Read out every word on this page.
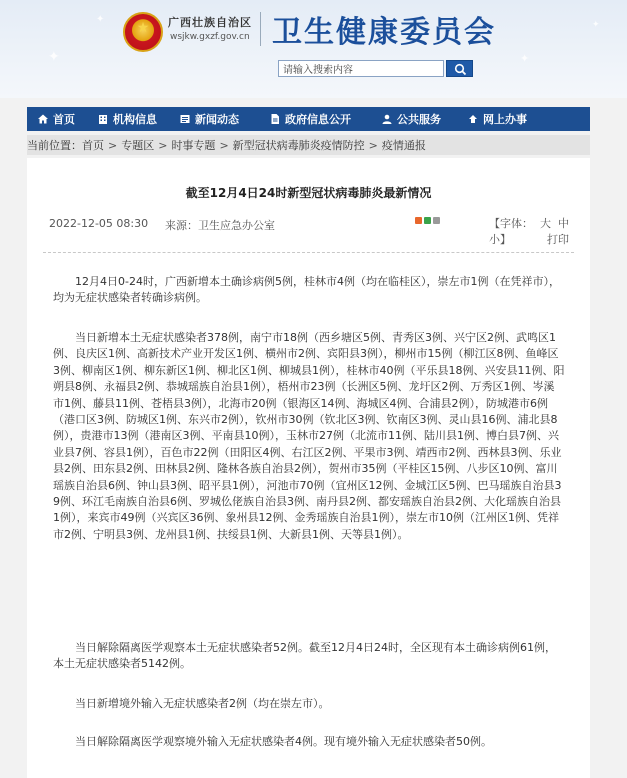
✦
✦
✦
✦
★
广西壮族自治区
wsjkw.gxzf.gov.cn 卫生健康委员会
请输入搜索内容
首页	机构信息	新闻动态	政府信息公开	公共服务	网上办事
当前位置： 首页 > 专题区 > 时事专题 > 新型冠状病毒肺炎疫情防控 > 疫情通报
截至12月4日24时新型冠状病毒肺炎最新情况
2022-12-05 08:30 来源：卫生应急办公室	【字体： 大 中
小】	打印

12月4日0-24时，广西新增本土确诊病例5例，桂林市4例（均在临桂区），崇左市1例（在凭祥市），均为无症状感染者转确诊病例。

当日新增本土无症状感染者378例，南宁市18例（西乡塘区5例、青秀区3例、兴宁区2例、武鸣区1例、良庆区1例、高新技术产业开发区1例、横州市2例、宾阳县3例），柳州市15例（柳江区8例、鱼峰区3例、柳南区1例、柳东新区1例、柳北区1例、柳城县1例），桂林市40例（平乐县18例、兴安县11例、阳朔县8例、永福县2例、恭城瑶族自治县1例），梧州市23例（长洲区5例、龙圩区2例、万秀区1例、岑溪市1例、藤县11例、苍梧县3例），北海市20例（银海区14例、海城区4例、合浦县2例），防城港市6例（港口区3例、防城区1例、东兴市2例），钦州市30例（钦北区3例、钦南区3例、灵山县16例、浦北县8例），贵港市13例（港南区3例、平南县10例），玉林市27例（北流市11例、陆川县1例、博白县7例、兴业县7例、容县1例），百色市22例（田阳区4例、右江区2例、平果市3例、靖西市2例、西林县3例、乐业县2例、田东县2例、田林县2例、隆林各族自治县2例），贺州市35例（平桂区15例、八步区10例、富川瑶族自治县6例、钟山县3例、昭平县1例），河池市70例（宜州区12例、金城江区5例、巴马瑶族自治县39例、环江毛南族自治县6例、罗城仫佬族自治县3例、南丹县2例、都安瑶族自治县2例、大化瑶族自治县1例），来宾市49例（兴宾区36例、象州县12例、金秀瑶族自治县1例），崇左市10例（江州区1例、凭祥市2例、宁明县3例、龙州县1例、扶绥县1例、大新县1例、天等县1例）。

当日解除隔离医学观察本土无症状感染者52例。截至12月4日24时，全区现有本土确诊病例61例，本土无症状感染者5142例。

当日新增境外输入无症状感染者2例（均在崇左市）。

当日解除隔离医学观察境外输入无症状感染者4例。现有境外输入无症状感染者50例。
